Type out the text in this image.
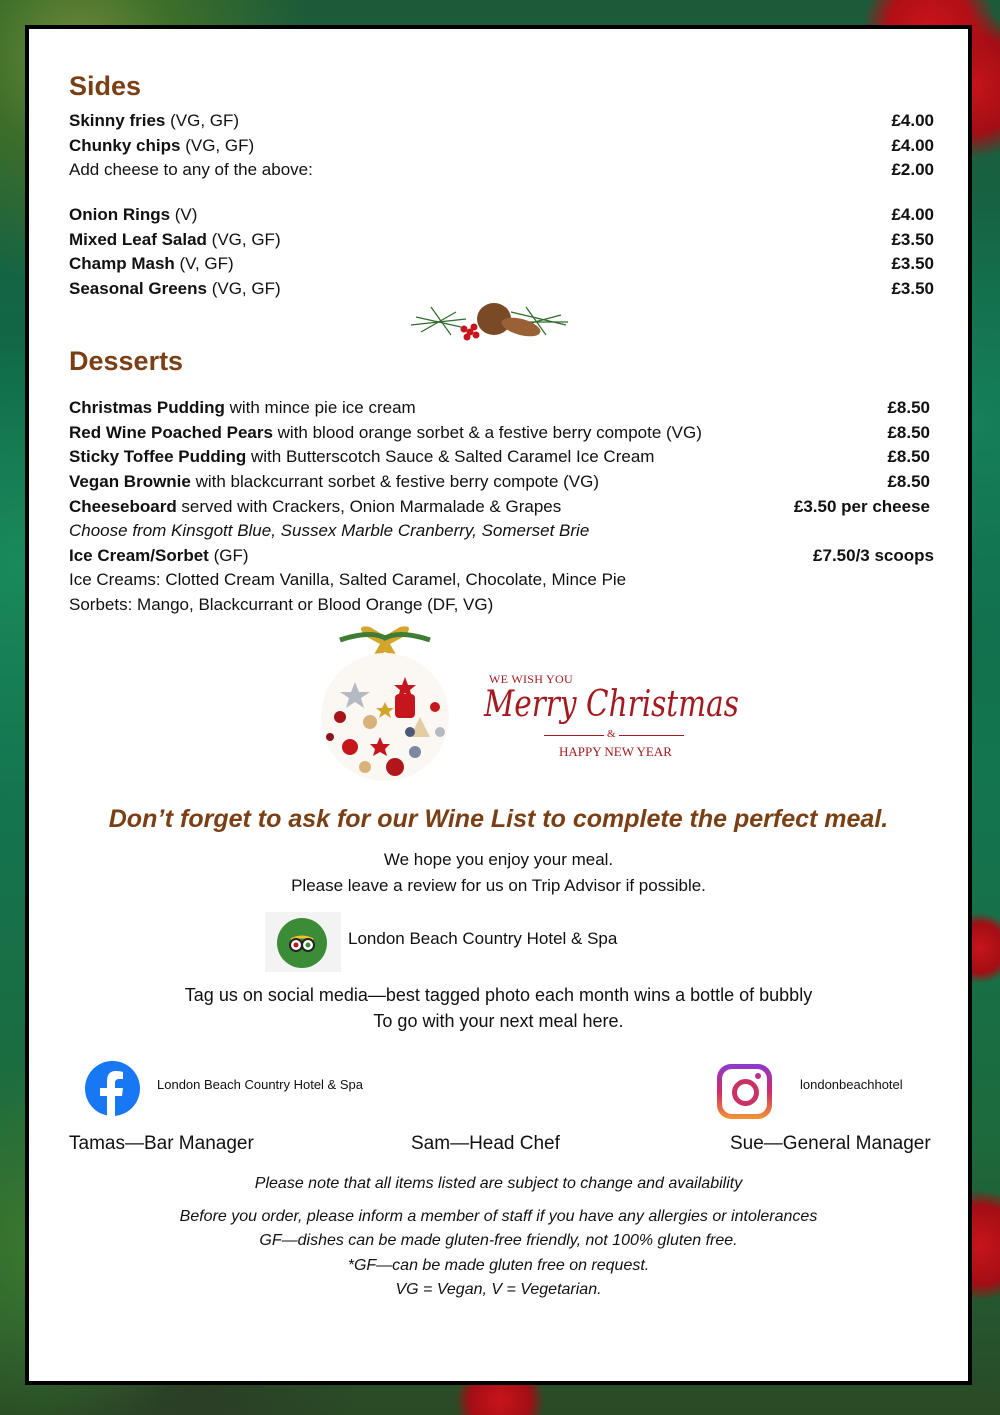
Sides
Skinny fries (VG, GF)	£4.00
Chunky chips (VG, GF)	£4.00
Add cheese to any of the above:	£2.00
Onion Rings (V)	£4.00
Mixed Leaf Salad (VG, GF)	£3.50
Champ Mash (V, GF)	£3.50
Seasonal Greens (VG, GF)	£3.50
Desserts
Christmas Pudding with mince pie ice cream	£8.50
Red Wine Poached Pears with blood orange sorbet & a festive berry compote (VG)	£8.50
Sticky Toffee Pudding with Butterscotch Sauce & Salted Caramel Ice Cream	£8.50
Vegan Brownie with blackcurrant sorbet & festive berry compote (VG)	£8.50
Cheeseboard served with Crackers, Onion Marmalade & Grapes	£3.50 per cheese
Choose from Kinsgott Blue, Sussex Marble Cranberry, Somerset Brie
Ice Cream/Sorbet (GF)	£7.50/3 scoops
Ice Creams: Clotted Cream Vanilla, Salted Caramel, Chocolate, Mince Pie
Sorbets: Mango, Blackcurrant or Blood Orange (DF, VG)
WE WISH YOU
Merry Christmas
&
HAPPY NEW YEAR
Don’t forget to ask for our Wine List to complete the perfect meal.
We hope you enjoy your meal.
Please leave a review for us on Trip Advisor if possible.
London Beach Country Hotel & Spa
Tag us on social media—best tagged photo each month wins a bottle of bubbly
To go with your next meal here.
London Beach Country Hotel & Spa	londonbeachhotel
Tamas—Bar Manager	Sam—Head Chef	Sue—General Manager
Please note that all items listed are subject to change and availability
Before you order, please inform a member of staff if you have any allergies or intolerances
GF—dishes can be made gluten-free friendly, not 100% gluten free.
*GF—can be made gluten free on request.
VG = Vegan, V = Vegetarian.
